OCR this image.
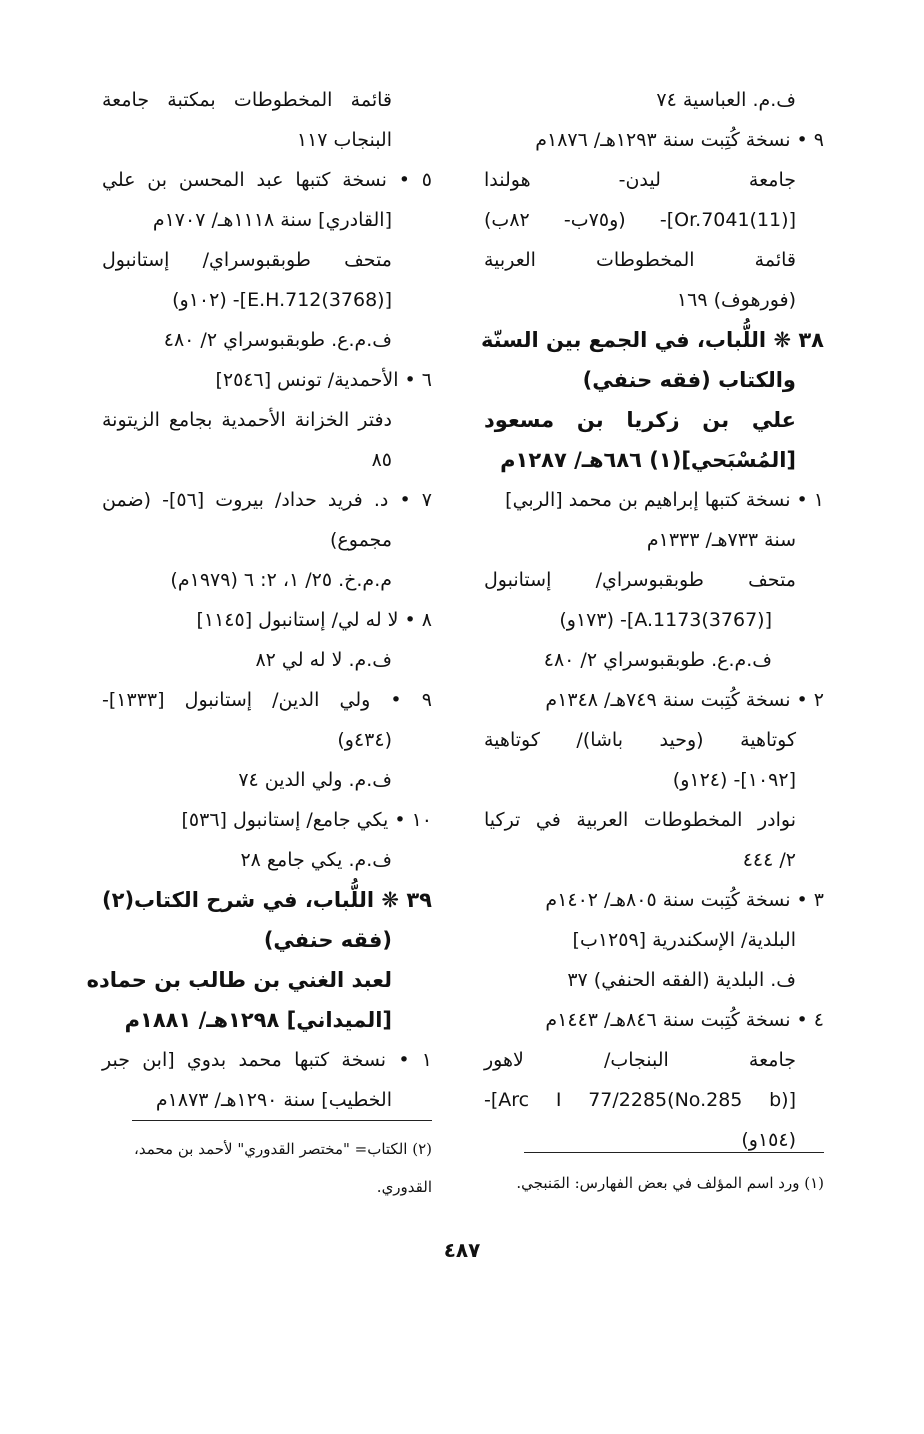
ف.م. العباسية ٧٤
٩ • نسخة كُتِبت سنة ١٢٩٣هـ/ ١٨٧٦م
جامعة ليدن- هولندا
[Or.7041(11)]- (و٧٥ب- ٨٢ب)
قائمة المخطوطات العربية
(فورهوف) ١٦٩
٣٨ ❋ اللُّباب، في الجمع بين السنّة
والكتاب (فقه حنفي)
علي بن زكريا بن مسعود
[المُسْبَحي](١) ٦٨٦هـ/ ١٢٨٧م
١ • نسخة كتبها إبراهيم بن محمد [الربي]
سنة ٧٣٣هـ/ ١٣٣٣م
متحف طوبقبوسراي/ إستانبول
[(3767)A.1173]- (١٧٣و)
ف.م.ع. طوبقبوسراي ٢/ ٤٨٠
٢ • نسخة كُتِبت سنة ٧٤٩هـ/ ١٣٤٨م
كوتاهية (وحيد باشا)/ كوتاهية
[١٠٩٢]- (١٢٤و)
نوادر المخطوطات العربية في تركيا
٢/ ٤٤٤
٣ • نسخة كُتِبت سنة ٨٠٥هـ/ ١٤٠٢م
البلدية/ الإسكندرية [١٢٥٩ب]
ف. البلدية (الفقه الحنفي) ٣٧
٤ • نسخة كُتِبت سنة ٨٤٦هـ/ ١٤٤٣م
جامعة البنجاب/ لاهور
[(No.285 b)Arc I 77/2285]-
(١٥٤و)
قائمة المخطوطات بمكتبة جامعة
البنجاب ١١٧
٥ • نسخة كتبها عبد المحسن بن علي
[القادري] سنة ١١١٨هـ/ ١٧٠٧م
متحف طوبقبوسراي/ إستانبول
[(3768)E.H.712]- (١٠٢و)
ف.م.ع. طوبقبوسراي ٢/ ٤٨٠
٦ • الأحمدية/ تونس [٢٥٤٦]
دفتر الخزانة الأحمدية بجامع الزيتونة
٨٥
٧ • د. فريد حداد/ بيروت [٥٦]- (ضمن
مجموع)
م.م.خ. ٢٥/ ١، ٢: ٦ (١٩٧٩م)
٨ • لا له لي/ إستانبول [١١٤٥]
ف.م. لا له لي ٨٢
٩ • ولي الدين/ إستانبول [١٣٣٣]-
(٤٣٤و)
ف.م. ولي الدين ٧٤
١٠ • يكي جامع/ إستانبول [٥٣٦]
ف.م. يكي جامع ٢٨
٣٩ ❋ اللُّباب، في شرح الكتاب(٢)
(فقه حنفي)
لعبد الغني بن طالب بن حماده
[الميداني] ١٢٩٨هـ/ ١٨٨١م
١ • نسخة كتبها محمد بدوي [ابن جبر
الخطيب] سنة ١٢٩٠هـ/ ١٨٧٣م
(١) ورد اسم المؤلف في بعض الفهارس: المَنبجي.
(٢) الكتاب= "مختصر القدوري" لأحمد بن محمد،
القدوري.
٤٨٧
